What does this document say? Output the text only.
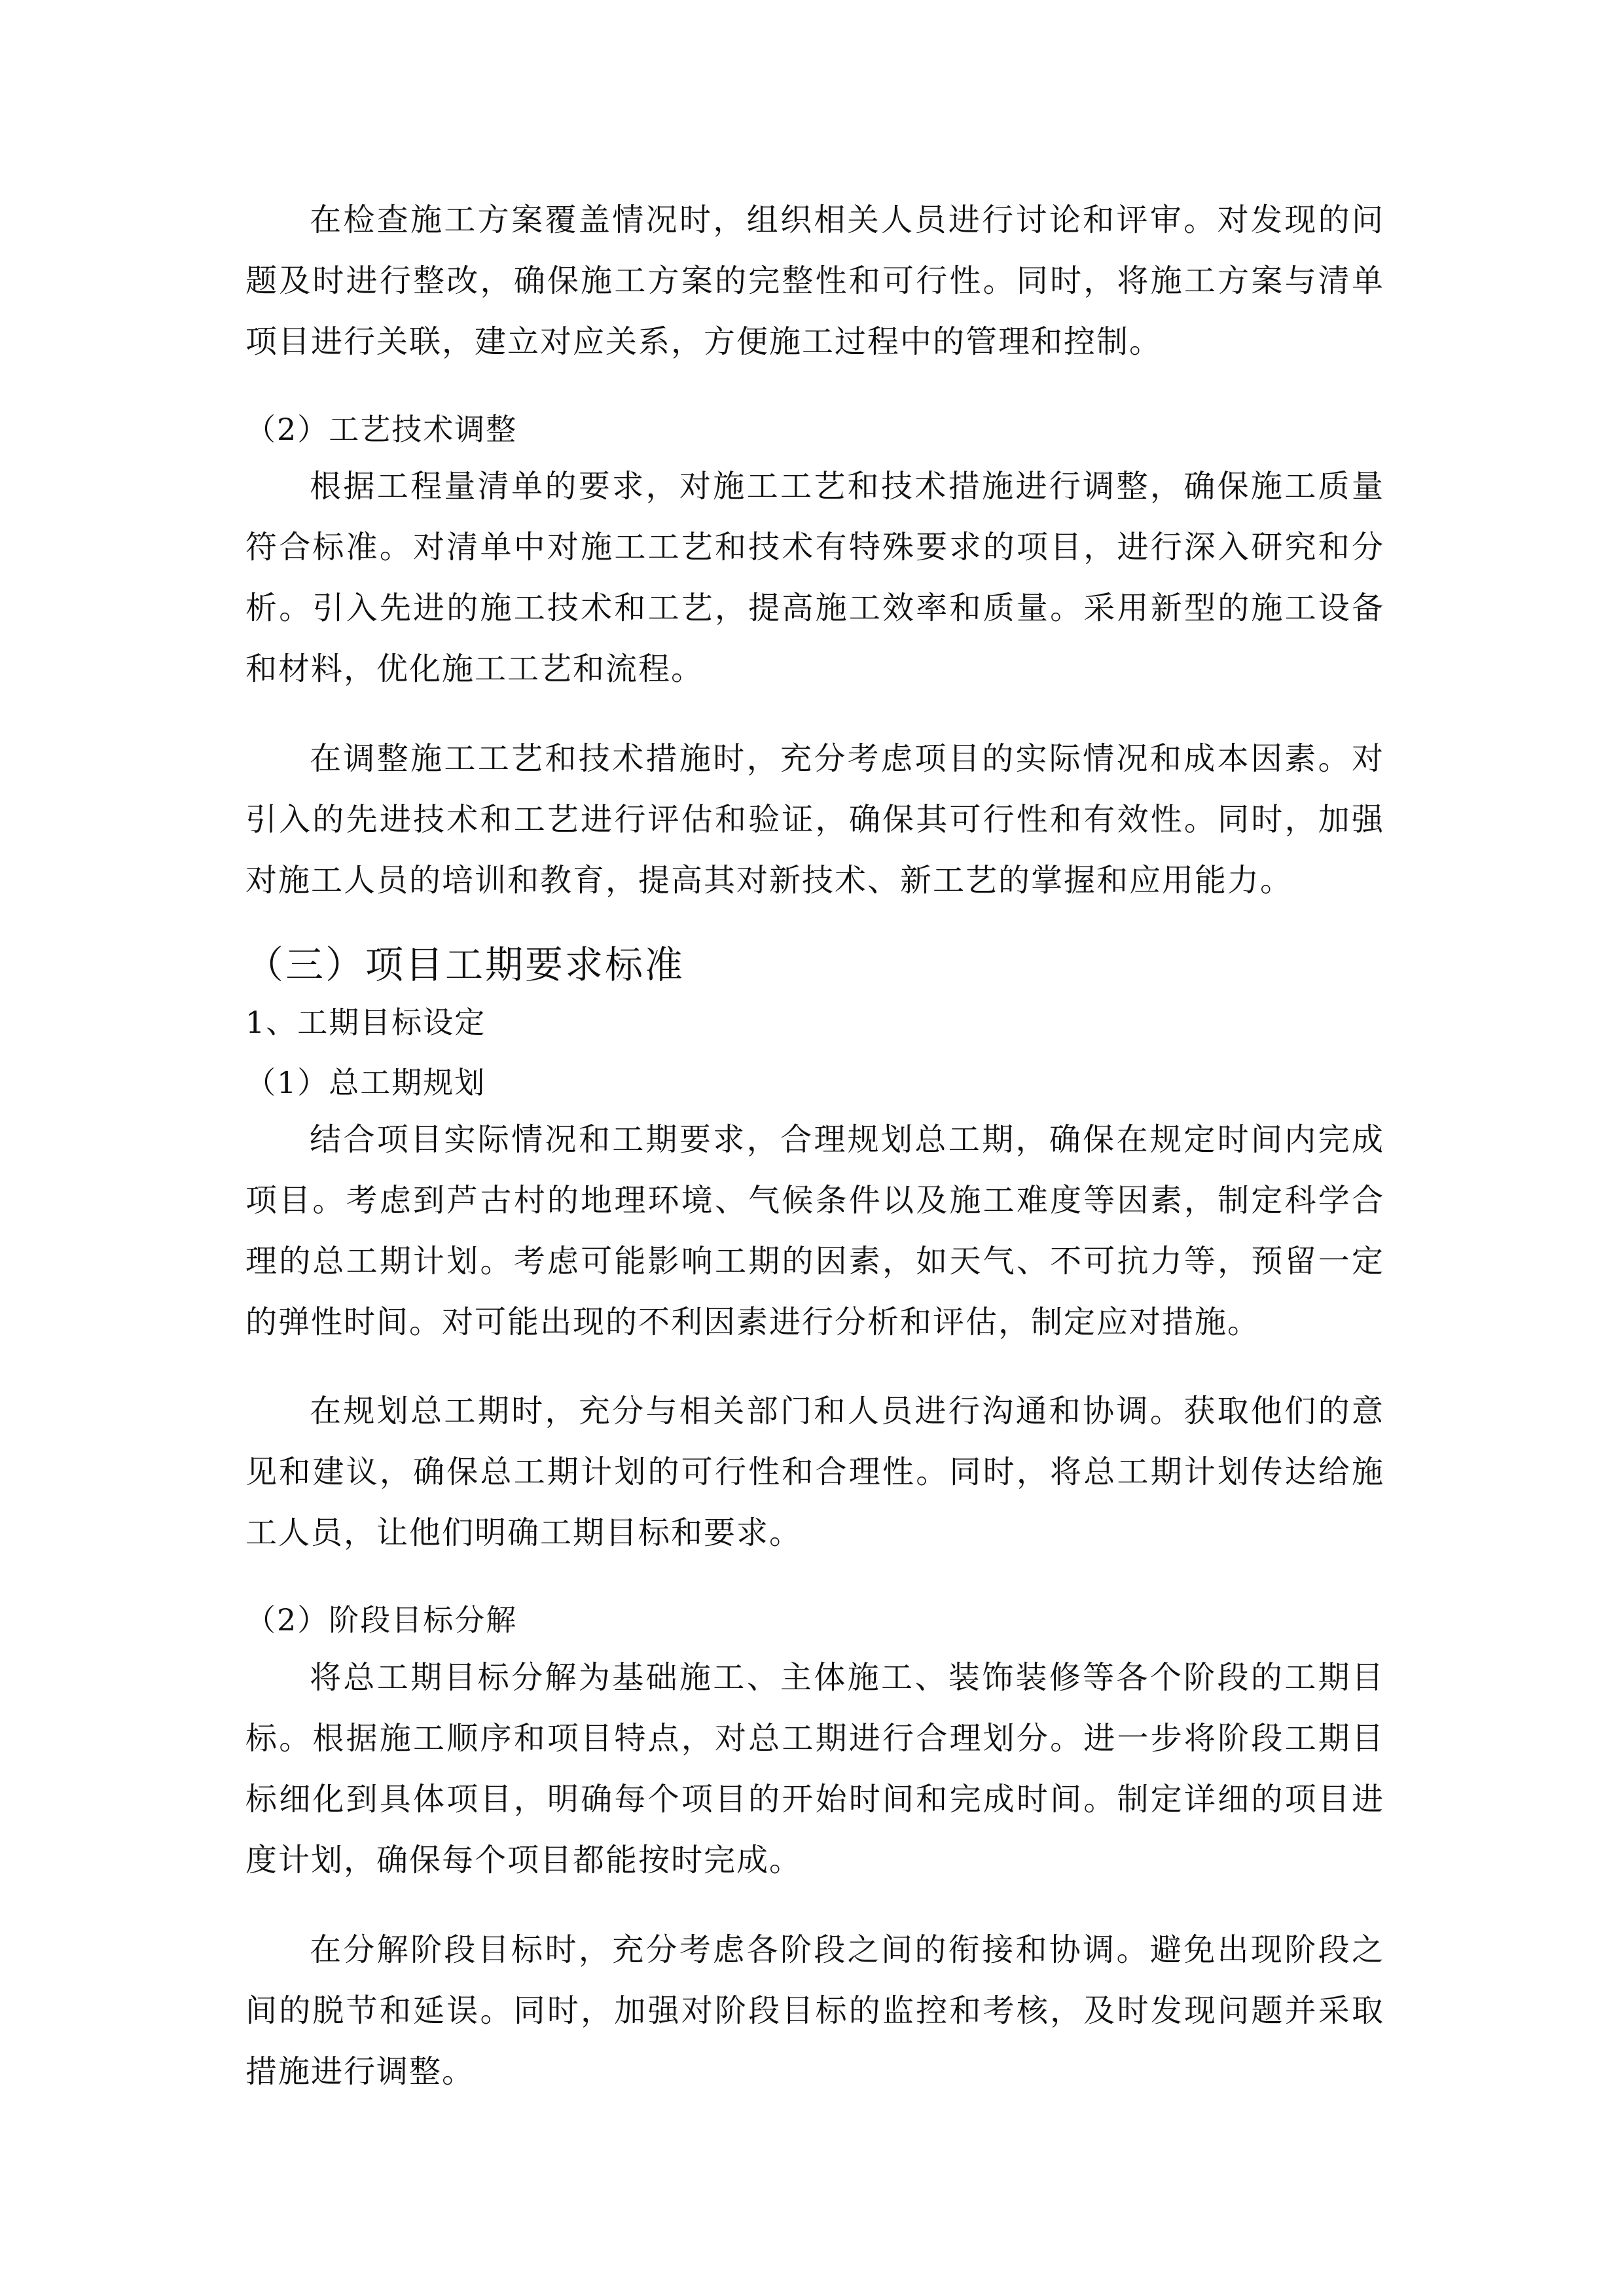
在检查施工方案覆盖情况时，组织相关人员进行讨论和评审。对发现的问题及时进行整改，确保施工方案的完整性和可行性。同时，将施工方案与清单项目进行关联，建立对应关系，方便施工过程中的管理和控制。

（2）工艺技术调整

根据工程量清单的要求，对施工工艺和技术措施进行调整，确保施工质量符合标准。对清单中对施工工艺和技术有特殊要求的项目，进行深入研究和分析。引入先进的施工技术和工艺，提高施工效率和质量。采用新型的施工设备和材料，优化施工工艺和流程。

在调整施工工艺和技术措施时，充分考虑项目的实际情况和成本因素。对引入的先进技术和工艺进行评估和验证，确保其可行性和有效性。同时，加强对施工人员的培训和教育，提高其对新技术、新工艺的掌握和应用能力。

（三）项目工期要求标准
1、工期目标设定
（1）总工期规划

结合项目实际情况和工期要求，合理规划总工期，确保在规定时间内完成项目。考虑到芦古村的地理环境、气候条件以及施工难度等因素，制定科学合理的总工期计划。考虑可能影响工期的因素，如天气、不可抗力等，预留一定的弹性时间。对可能出现的不利因素进行分析和评估，制定应对措施。

在规划总工期时，充分与相关部门和人员进行沟通和协调。获取他们的意见和建议，确保总工期计划的可行性和合理性。同时，将总工期计划传达给施工人员，让他们明确工期目标和要求。

（2）阶段目标分解

将总工期目标分解为基础施工、主体施工、装饰装修等各个阶段的工期目标。根据施工顺序和项目特点，对总工期进行合理划分。进一步将阶段工期目标细化到具体项目，明确每个项目的开始时间和完成时间。制定详细的项目进度计划，确保每个项目都能按时完成。

在分解阶段目标时，充分考虑各阶段之间的衔接和协调。避免出现阶段之间的脱节和延误。同时，加强对阶段目标的监控和考核，及时发现问题并采取措施进行调整。
